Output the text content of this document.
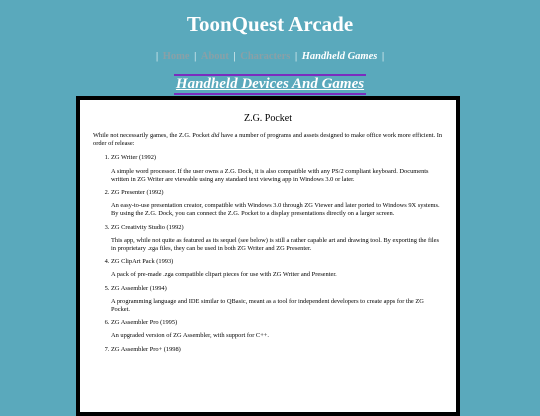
ToonQuest Arcade
| Home | About | Characters | Handheld Games |
Handheld Devices And Games
Z.G. Pocket

While not necessarily games, the Z.G. Pocket did have a number of programs and assets designed to make office work more efficient. In order of release:

1. ZG Writer (1992)
A simple word processor. If the user owns a Z.G. Dock, it is also compatible with any PS/2 compliant keyboard. Documents written in ZG Writer are viewable using any standard text viewing app in Windows 3.0 or later.
2. ZG Presenter (1992)
An easy-to-use presentation creator, compatible with Windows 3.0 through ZG Viewer and later ported to Windows 9X systems. By using the Z.G. Dock, you can connect the Z.G. Pocket to a display presentations directly on a larger screen.
3. ZG Creativity Studio (1992)
This app, while not quite as featured as its sequel (see below) is still a rather capable art and drawing tool. By exporting the files in proprietary .zga files, they can be used in both ZG Writer and ZG Presenter.
4. ZG ClipArt Pack (1993)
A pack of pre-made .zga compatible clipart pieces for use with ZG Writer and Presenter.
5. ZG Assembler (1994)
A programming language and IDE similar to QBasic, meant as a tool for independent developers to create apps for the ZG Pocket.
6. ZG Assembler Pro (1995)
An upgraded version of ZG Assembler, with support for C++.
7. ZG Assembler Pro+ (1998)
